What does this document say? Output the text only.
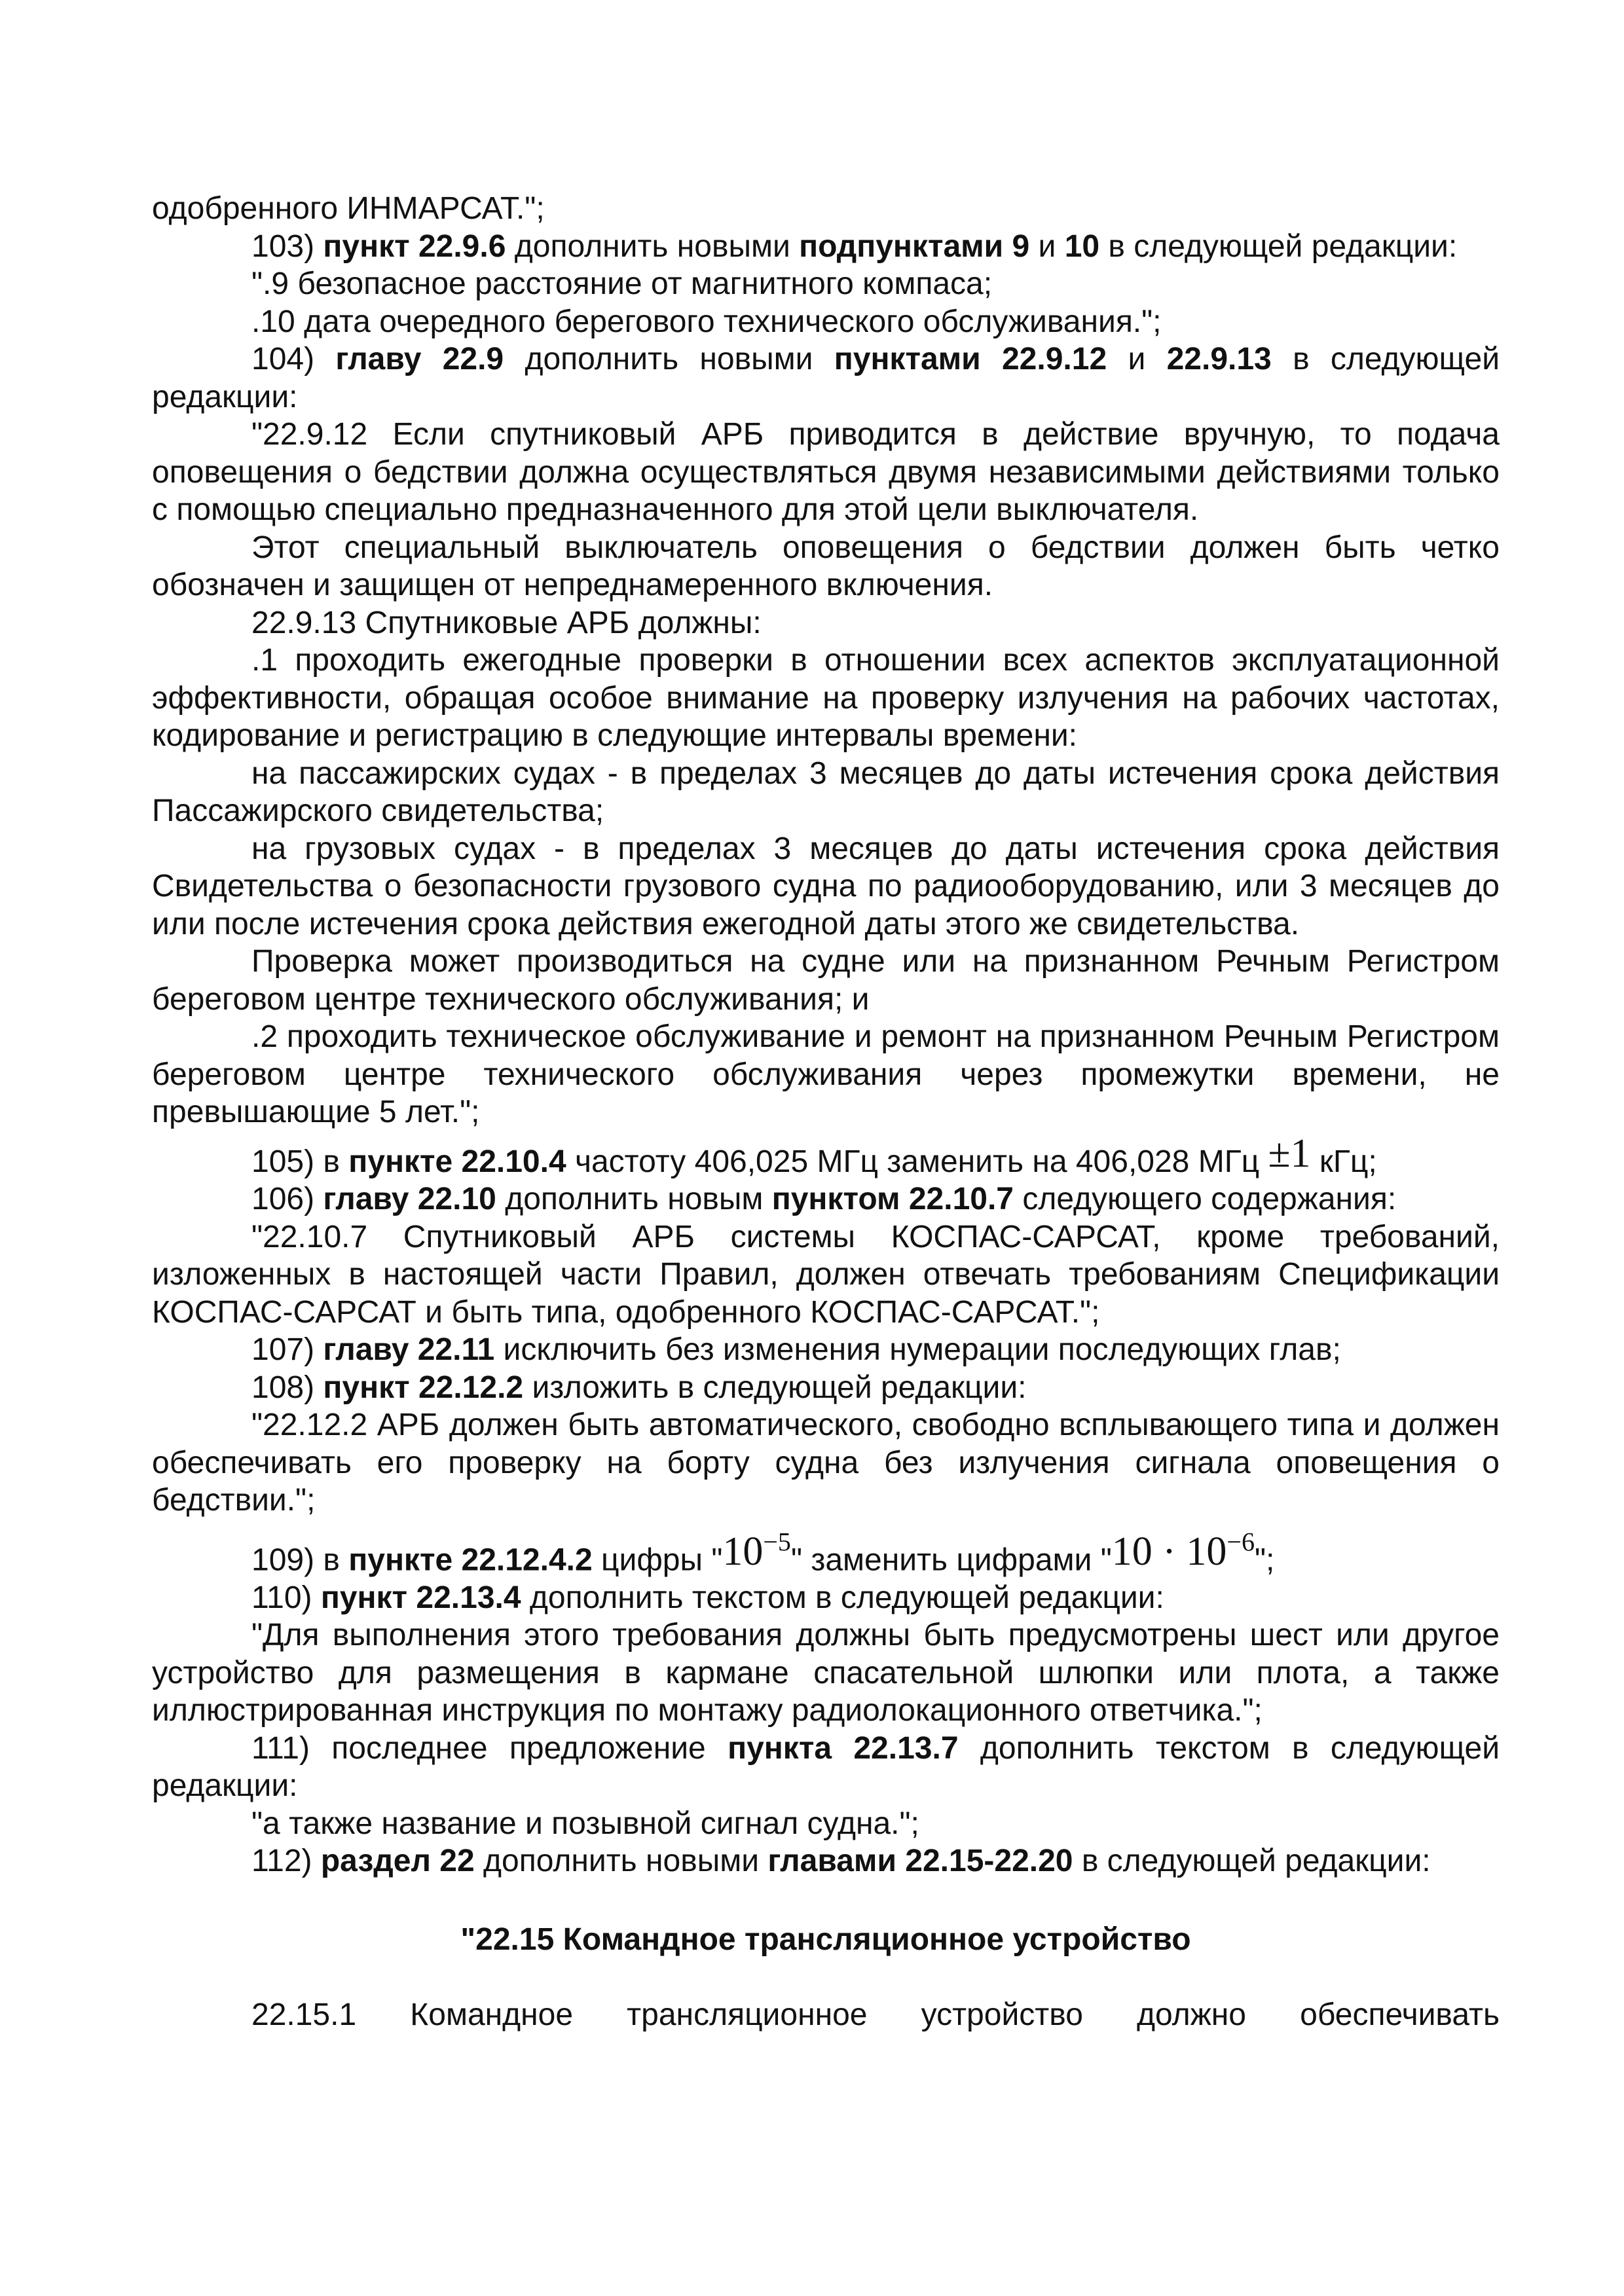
одобренного ИНМАРСАТ.";

103) пункт 22.9.6 дополнить новыми подпунктами 9 и 10 в следующей редакции:

".9 безопасное расстояние от магнитного компаса;

.10 дата очередного берегового технического обслуживания.";

104) главу 22.9 дополнить новыми пунктами 22.9.12 и 22.9.13 в следующей редакции:

"22.9.12 Если спутниковый АРБ приводится в действие вручную, то подача оповещения о бедствии должна осуществляться двумя независимыми действиями только с помощью специально предназначенного для этой цели выключателя.

Этот специальный выключатель оповещения о бедствии должен быть четко обозначен и защищен от непреднамеренного включения.

22.9.13 Спутниковые АРБ должны:

.1 проходить ежегодные проверки в отношении всех аспектов эксплуатационной эффективности, обращая особое внимание на проверку излучения на рабочих частотах, кодирование и регистрацию в следующие интервалы времени:

на пассажирских судах - в пределах 3 месяцев до даты истечения срока действия Пассажирского свидетельства;

на грузовых судах - в пределах 3 месяцев до даты истечения срока действия Свидетельства о безопасности грузового судна по радиооборудованию, или 3 месяцев до или после истечения срока действия ежегодной даты этого же свидетельства.

Проверка может производиться на судне или на признанном Речным Регистром береговом центре технического обслуживания; и

.2 проходить техническое обслуживание и ремонт на признанном Речным Регистром береговом центре технического обслуживания через промежутки времени, не превышающие 5 лет.";

105) в пункте 22.10.4 частоту 406,025 МГц заменить на 406,028 МГц ±1 кГц;

106) главу 22.10 дополнить новым пунктом 22.10.7 следующего содержания:

"22.10.7 Спутниковый АРБ системы КОСПАС-САРСАТ, кроме требований, изложенных в настоящей части Правил, должен отвечать требованиям Спецификации КОСПАС-САРСАТ и быть типа, одобренного КОСПАС-САРСАТ.";

107) главу 22.11 исключить без изменения нумерации последующих глав;

108) пункт 22.12.2 изложить в следующей редакции:

"22.12.2 АРБ должен быть автоматического, свободно всплывающего типа и должен обеспечивать его проверку на борту судна без излучения сигнала оповещения о бедствии.";

109) в пункте 22.12.4.2 цифры "$10^{-5}$" заменить цифрами "$10 \cdot 10^{-6}$";

110) пункт 22.13.4 дополнить текстом в следующей редакции:

"Для выполнения этого требования должны быть предусмотрены шест или другое устройство для размещения в кармане спасательной шлюпки или плота, а также иллюстрированная инструкция по монтажу радиолокационного ответчика.";

111) последнее предложение пункта 22.13.7 дополнить текстом в следующей редакции:

"а также название и позывной сигнал судна.";

112) раздел 22 дополнить новыми главами 22.15-22.20 в следующей редакции:

"22.15 Командное трансляционное устройство

22.15.1 Командное трансляционное устройство должно обеспечивать
